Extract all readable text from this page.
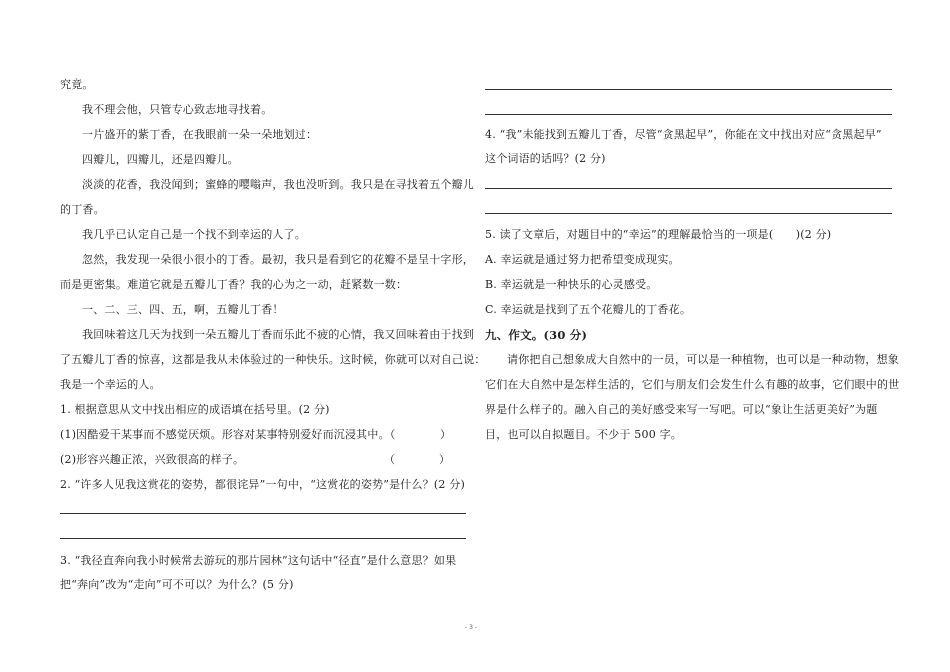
究竟。
我不理会他，只管专心致志地寻找着。
一片盛开的紫丁香，在我眼前一朵一朵地划过：
四瓣儿，四瓣儿，还是四瓣儿。
淡淡的花香，我没闻到；蜜蜂的嘤嗡声，我也没听到。我只是在寻找着五个瓣儿
的丁香。
我几乎已认定自己是一个找不到幸运的人了。
忽然，我发现一朵很小很小的丁香。最初，我只是看到它的花瓣不是呈十字形，
而是更密集。难道它就是五瓣儿丁香？我的心为之一动，赶紧数一数：
一、二、三、四、五，啊，五瓣儿丁香！
我回味着这几天为找到一朵五瓣儿丁香而乐此不疲的心情，我又回味着由于找到
了五瓣儿丁香的惊喜，这都是我从未体验过的一种快乐。这时候，你就可以对自己说：
我是一个幸运的人。
1. 根据意思从文中找出相应的成语填在括号里。(2 分)
(1)因酷爱干某事而不感觉厌烦。形容对某事特别爱好而沉浸其中。（	）
(2)形容兴趣正浓，兴致很高的样子。	（　　　　）
2. “许多人见我这赏花的姿势，都很诧异”一句中，“这赏花的姿势”是什么？(2 分)
3. “我径直奔向我小时候常去游玩的那片园林”这句话中“径直”是什么意思？如果
把“奔向”改为“走向”可不可以？为什么？(5 分)
4. “我”未能找到五瓣儿丁香，尽管“贪黑起早”，你能在文中找出对应“贪黑起早”
这个词语的话吗？(2 分)
5. 读了文章后，对题目中的“幸运”的理解最恰当的一项是(　　)(2 分)
A. 幸运就是通过努力把希望变成现实。
B. 幸运就是一种快乐的心灵感受。
C. 幸运就是找到了五个花瓣儿的丁香花。
九、作文。(30 分)
请你把自己想象成大自然中的一员，可以是一种植物，也可以是一种动物，想象
它们在大自然中是怎样生活的，它们与朋友们会发生什么有趣的故事，它们眼中的世
界是什么样子的。融入自己的美好感受来写一写吧。可以“象让生活更美好”为题
目，也可以自拟题目。不少于 500 字。
- 3 -
